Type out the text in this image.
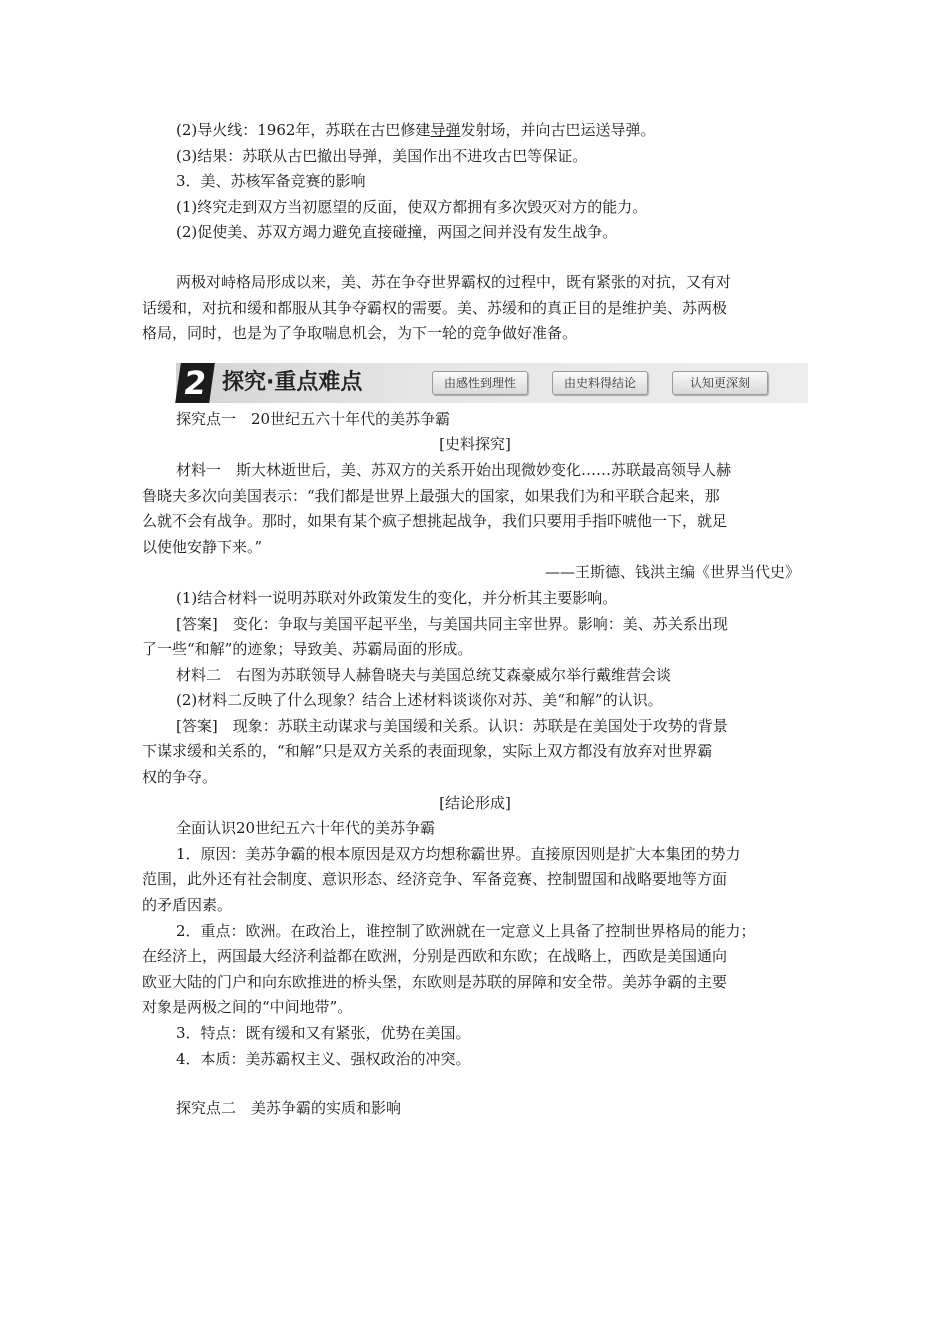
(2)导火线：1962年，苏联在古巴修建导弹发射场，并向古巴运送导弹。
(3)结果：苏联从古巴撤出导弹，美国作出不进攻古巴等保证。
3．美、苏核军备竞赛的影响
(1)终究走到双方当初愿望的反面，使双方都拥有多次毁灭对方的能力。
(2)促使美、苏双方竭力避免直接碰撞，两国之间并没有发生战争。
两极对峙格局形成以来，美、苏在争夺世界霸权的过程中，既有紧张的对抗，又有对
话缓和，对抗和缓和都服从其争夺霸权的需要。美、苏缓和的真正目的是维护美、苏两极
格局，同时，也是为了争取喘息机会，为下一轮的竞争做好准备。
2 探究·重点难点	由感性到理性	由史料得结论	认知更深刻
探究点一　20世纪五六十年代的美苏争霸
[史料探究]
材料一　斯大林逝世后，美、苏双方的关系开始出现微妙变化……苏联最高领导人赫
鲁晓夫多次向美国表示：“我们都是世界上最强大的国家，如果我们为和平联合起来，那
么就不会有战争。那时，如果有某个疯子想挑起战争，我们只要用手指吓唬他一下，就足
以使他安静下来。”
——王斯德、钱洪主编《世界当代史》
(1)结合材料一说明苏联对外政策发生的变化，并分析其主要影响。
[答案]　变化：争取与美国平起平坐，与美国共同主宰世界。影响：美、苏关系出现
了一些“和解”的迹象；导致美、苏霸局面的形成。
材料二　右图为苏联领导人赫鲁晓夫与美国总统艾森豪威尔举行戴维营会谈
(2)材料二反映了什么现象？结合上述材料谈谈你对苏、美“和解”的认识。
[答案]　现象：苏联主动谋求与美国缓和关系。认识：苏联是在美国处于攻势的背景
下谋求缓和关系的，“和解”只是双方关系的表面现象，实际上双方都没有放弃对世界霸
权的争夺。
[结论形成]
全面认识20世纪五六十年代的美苏争霸
1．原因：美苏争霸的根本原因是双方均想称霸世界。直接原因则是扩大本集团的势力
范围，此外还有社会制度、意识形态、经济竞争、军备竞赛、控制盟国和战略要地等方面
的矛盾因素。
2．重点：欧洲。在政治上，谁控制了欧洲就在一定意义上具备了控制世界格局的能力；
在经济上，两国最大经济利益都在欧洲，分别是西欧和东欧；在战略上，西欧是美国通向
欧亚大陆的门户和向东欧推进的桥头堡，东欧则是苏联的屏障和安全带。美苏争霸的主要
对象是两极之间的“中间地带”。
3．特点：既有缓和又有紧张，优势在美国。
4．本质：美苏霸权主义、强权政治的冲突。
探究点二　美苏争霸的实质和影响
